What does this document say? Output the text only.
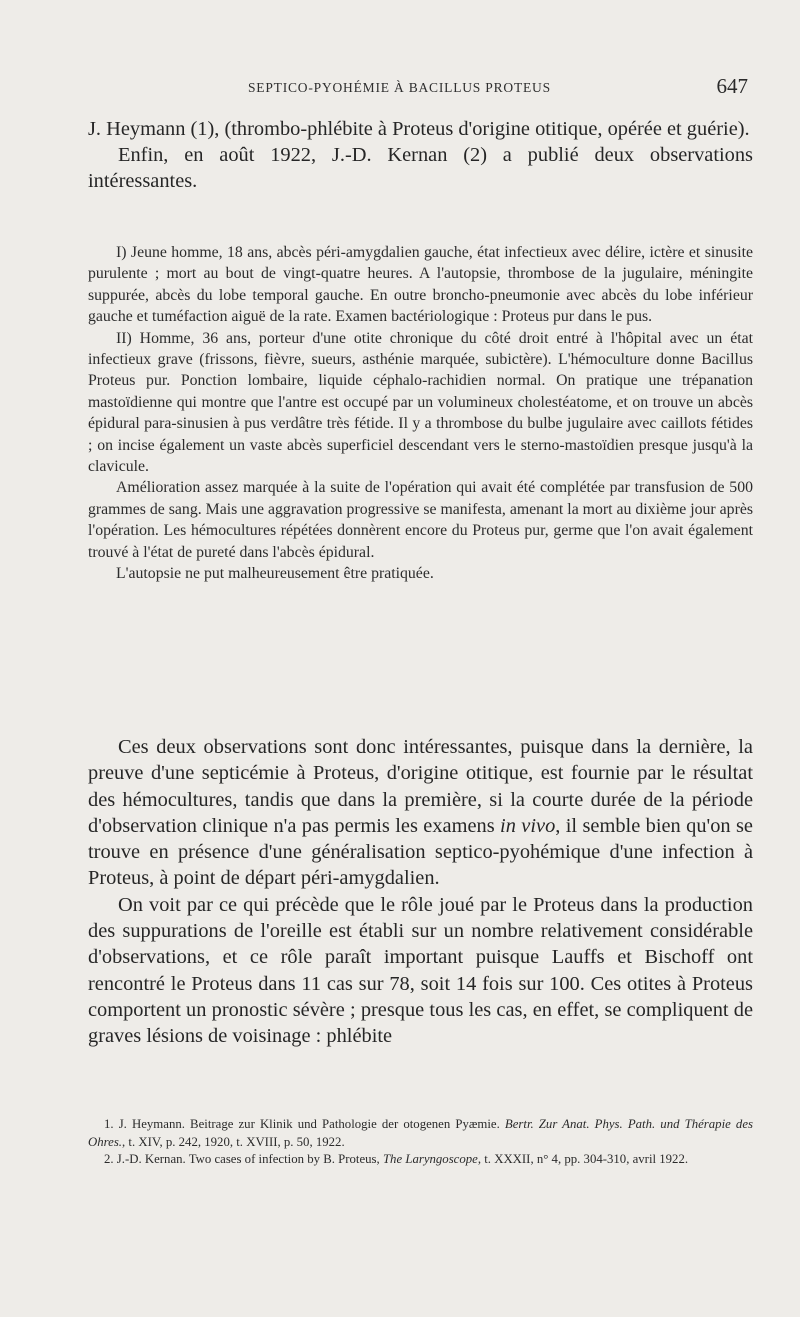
SEPTICO-PYOHÉMIE À BACILLUS PROTEUS	647

J. Heymann (1), (thrombo-phlébite à Proteus d'origine otitique, opérée et guérie).

Enfin, en août 1922, J.-D. Kernan (2) a publié deux observations intéressantes.

I) Jeune homme, 18 ans, abcès péri-amygdalien gauche, état infectieux avec délire, ictère et sinusite purulente ; mort au bout de vingt-quatre heures. A l'autopsie, thrombose de la jugulaire, méningite suppurée, abcès du lobe temporal gauche. En outre broncho-pneumonie avec abcès du lobe inférieur gauche et tuméfaction aiguë de la rate. Examen bactériologique : Proteus pur dans le pus.

II) Homme, 36 ans, porteur d'une otite chronique du côté droit entré à l'hôpital avec un état infectieux grave (frissons, fièvre, sueurs, asthénie marquée, subictère). L'hémoculture donne Bacillus Proteus pur. Ponction lombaire, liquide céphalo-rachidien normal. On pratique une trépanation mastoïdienne qui montre que l'antre est occupé par un volumineux cholestéatome, et on trouve un abcès épidural para-sinusien à pus verdâtre très fétide. Il y a thrombose du bulbe jugulaire avec caillots fétides ; on incise également un vaste abcès superficiel descendant vers le sterno-mastoïdien presque jusqu'à la clavicule.

Amélioration assez marquée à la suite de l'opération qui avait été complétée par transfusion de 500 grammes de sang. Mais une aggravation progressive se manifesta, amenant la mort au dixième jour après l'opération. Les hémocultures répétées donnèrent encore du Proteus pur, germe que l'on avait également trouvé à l'état de pureté dans l'abcès épidural.

L'autopsie ne put malheureusement être pratiquée.

Ces deux observations sont donc intéressantes, puisque dans la dernière, la preuve d'une septicémie à Proteus, d'origine otitique, est fournie par le résultat des hémocultures, tandis que dans la première, si la courte durée de la période d'observation clinique n'a pas permis les examens in vivo, il semble bien qu'on se trouve en présence d'une généralisation septico-pyohémique d'une infection à Proteus, à point de départ péri-amygdalien.

On voit par ce qui précède que le rôle joué par le Proteus dans la production des suppurations de l'oreille est établi sur un nombre relativement considérable d'observations, et ce rôle paraît important puisque Lauffs et Bischoff ont rencontré le Proteus dans 11 cas sur 78, soit 14 fois sur 100. Ces otites à Proteus comportent un pronostic sévère ; presque tous les cas, en effet, se compliquent de graves lésions de voisinage : phlébite

1. J. Heymann. Beitrage zur Klinik und Pathologie der otogenen Pyæmie. Bertr. Zur Anat. Phys. Path. und Thérapie des Ohres., t. XIV, p. 242, 1920, t. XVIII, p. 50, 1922.

2. J.-D. Kernan. Two cases of infection by B. Proteus, The Laryngoscope, t. XXXII, n° 4, pp. 304-310, avril 1922.
